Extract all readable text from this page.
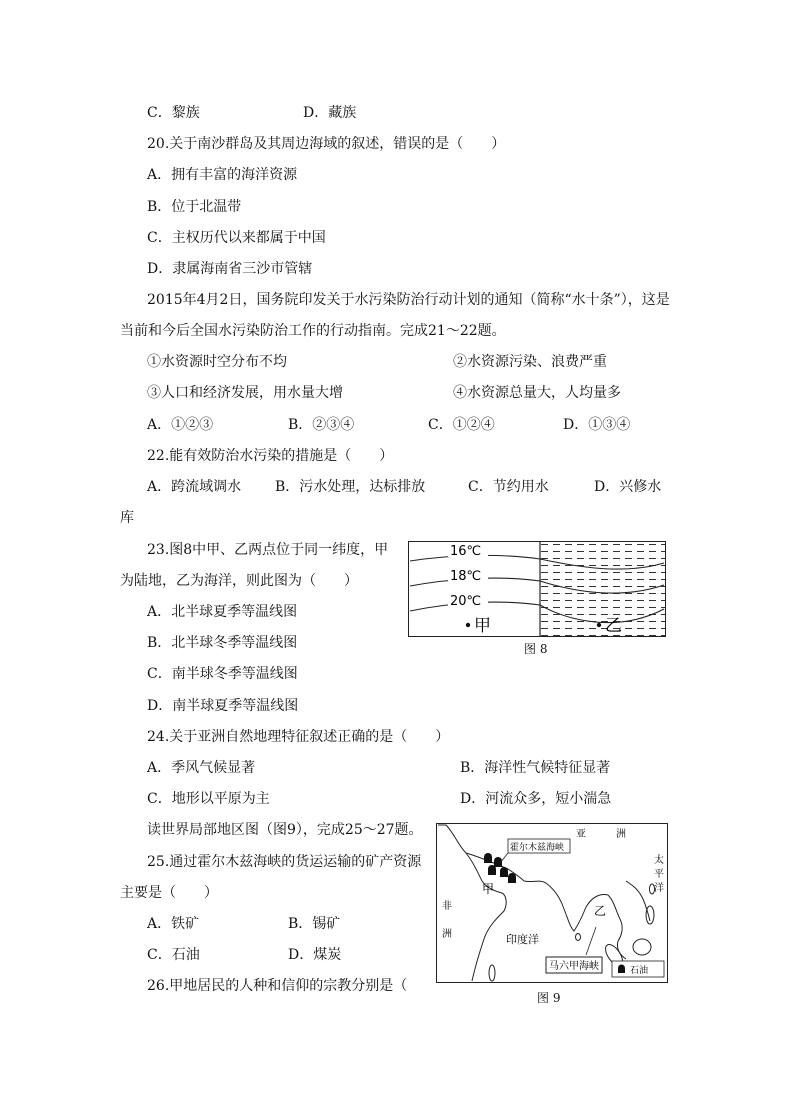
C．黎族	D．藏族
20.关于南沙群岛及其周边海域的叙述，错误的是（　　）
A．拥有丰富的海洋资源
B．位于北温带
C．主权历代以来都属于中国
D．隶属海南省三沙市管辖
2015年4月2日，国务院印发关于水污染防治行动计划的通知（简称“水十条”），这是
当前和今后全国水污染防治工作的行动指南。完成21～22题。
①水资源时空分布不均	②水资源污染、浪费严重
③人口和经济发展，用水量大增	④水资源总量大，人均量多
A．①②③	B．②③④	C．①②④	D．①③④
22.能有效防治水污染的措施是（　　）
A．跨流域调水 B．污水处理，达标排放	C．节约用水	D．兴修水
库
23.图8中甲、乙两点位于同一纬度，甲
为陆地，乙为海洋，则此图为（　　）
A．北半球夏季等温线图
B．北半球冬季等温线图
C．南半球冬季等温线图
D．南半球夏季等温线图
24.关于亚洲自然地理特征叙述正确的是（　　）
A．季风气候显著	B．海洋性气候特征显著
C．地形以平原为主	D．河流众多，短小湍急
读世界局部地区图（图9），完成25～27题。
25.通过霍尔木兹海峡的货运运输的矿产资源
主要是（　　）
A．铁矿	B．锡矿
C．石油	D．煤炭
26.甲地居民的人种和信仰的宗教分别是（
16℃
18℃
20℃
甲	乙
图 8
霍尔木兹海峡
亚	洲
太
平
洋
非
洲
甲
乙
印度洋
马六甲海峡	石油
图 9
